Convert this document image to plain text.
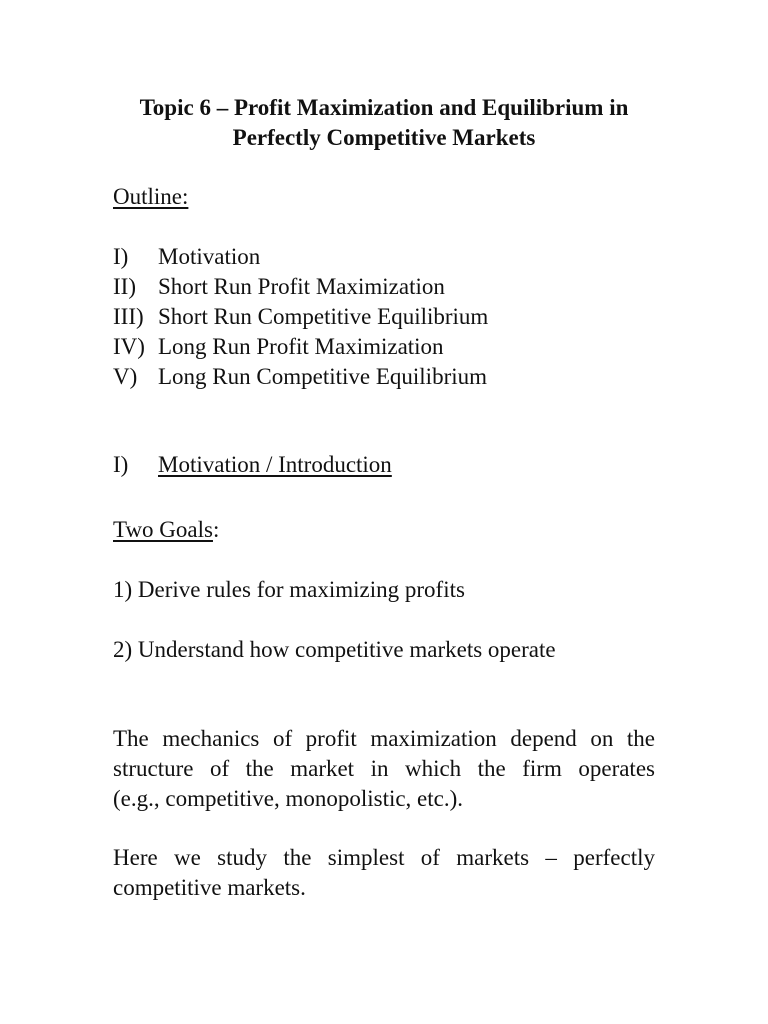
Topic 6 – Profit Maximization and Equilibrium in
Perfectly Competitive Markets
Outline:
I) Motivation
II) Short Run Profit Maximization
III) Short Run Competitive Equilibrium
IV) Long Run Profit Maximization
V) Long Run Competitive Equilibrium
I) Motivation / Introduction
Two Goals:
1) Derive rules for maximizing profits
2) Understand how competitive markets operate
The mechanics of profit maximization depend on the
structure of the market in which the firm operates
(e.g., competitive, monopolistic, etc.).
Here we study the simplest of markets – perfectly
competitive markets.
